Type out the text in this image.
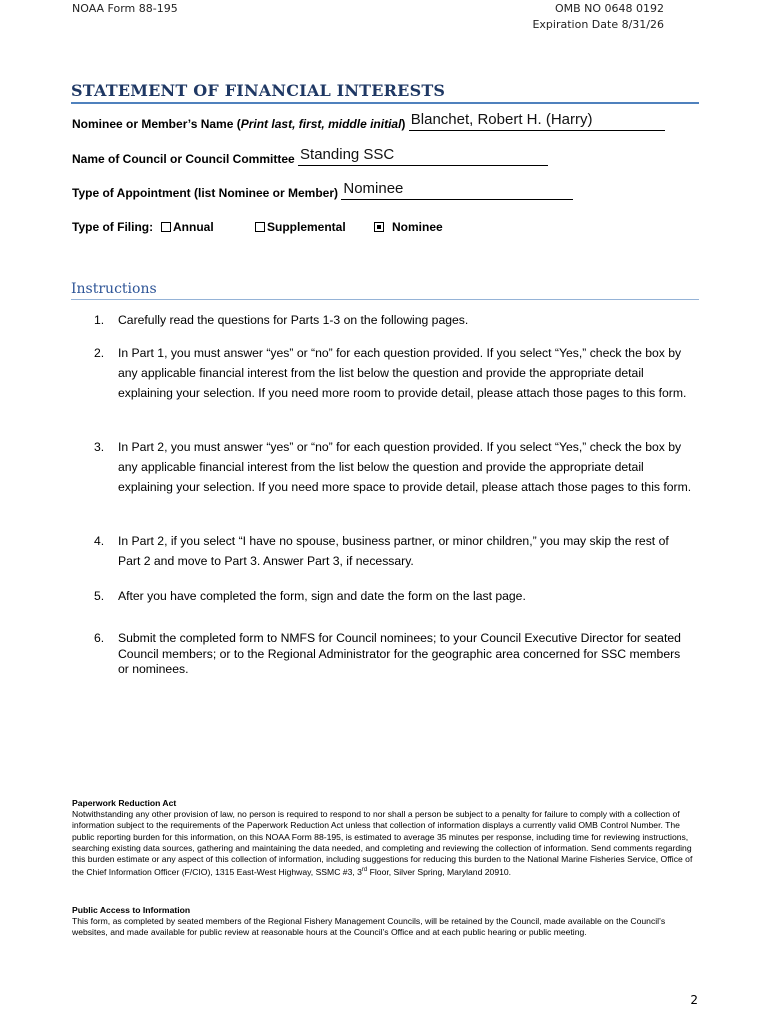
NOAA Form 88-195	OMB NO 0648 0192
Expiration Date 8/31/26
STATEMENT OF FINANCIAL INTERESTS
Nominee or Member’s Name (Print last, first, middle initial) Blanchet, Robert H. (Harry)
Name of Council or Council Committee Standing SSC
Type of Appointment (list Nominee or Member) Nominee
Type of Filing:	Annual	Supplemental	Nominee
Instructions
1. Carefully read the questions for Parts 1-3 on the following pages.
2. In Part 1, you must answer “yes” or “no” for each question provided. If you select “Yes,” check the box by any applicable financial interest from the list below the question and provide the appropriate detail explaining your selection. If you need more room to provide detail, please attach those pages to this form.
3. In Part 2, you must answer “yes” or “no” for each question provided. If you select “Yes,” check the box by any applicable financial interest from the list below the question and provide the appropriate detail explaining your selection. If you need more space to provide detail, please attach those pages to this form.
4. In Part 2, if you select “I have no spouse, business partner, or minor children,” you may skip the rest of Part 2 and move to Part 3. Answer Part 3, if necessary.
5. After you have completed the form, sign and date the form on the last page.
6. Submit the completed form to NMFS for Council nominees; to your Council Executive Director for seated Council members; or to the Regional Administrator for the geographic area concerned for SSC members or nominees.
Paperwork Reduction Act
Notwithstanding any other provision of law, no person is required to respond to nor shall a person be subject to a penalty for failure to comply with a collection of information subject to the requirements of the Paperwork Reduction Act unless that collection of information displays a currently valid OMB Control Number. The public reporting burden for this information, on this NOAA Form 88-195, is estimated to average 35 minutes per response, including time for reviewing instructions, searching existing data sources, gathering and maintaining the data needed, and completing and reviewing the collection of information. Send comments regarding this burden estimate or any aspect of this collection of information, including suggestions for reducing this burden to the National Marine Fisheries Service, Office of the Chief Information Officer (F/CIO), 1315 East-West Highway, SSMC #3, 3rd Floor, Silver Spring, Maryland 20910.
Public Access to Information
This form, as completed by seated members of the Regional Fishery Management Councils, will be retained by the Council, made available on the Council’s websites, and made available for public review at reasonable hours at the Council’s Office and at each public hearing or public meeting.
2
